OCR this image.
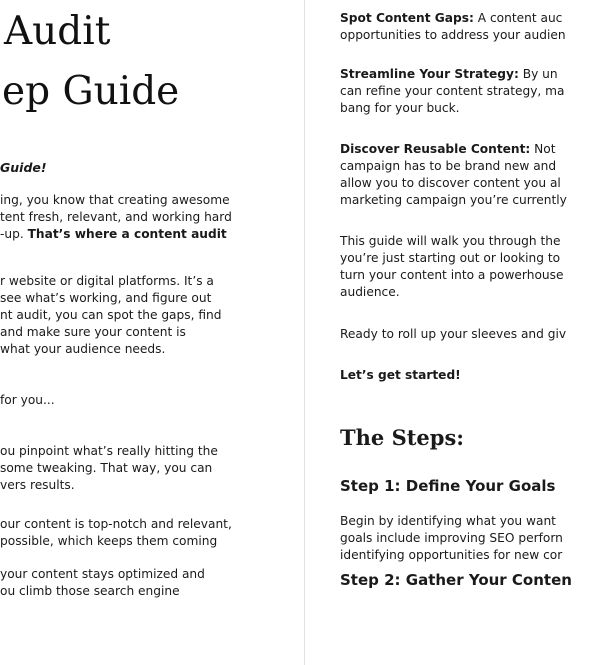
Audit
ep Guide
Guide!
ing, you know that creating awesome
tent fresh, relevant, and working hard
-up. That’s where a content audit
r website or digital platforms. It’s a
see what’s working, and figure out
nt audit, you can spot the gaps, find
and make sure your content is
what your audience needs.
for you...
ou pinpoint what’s really hitting the
some tweaking. That way, you can
vers results.
our content is top-notch and relevant,
possible, which keeps them coming
your content stays optimized and
ou climb those search engine
Spot Content Gaps: A content auc
opportunities to address your audien
Streamline Your Strategy: By un
can refine your content strategy, ma
bang for your buck.
Discover Reusable Content: Not
campaign has to be brand new and
allow you to discover content you al
marketing campaign you’re currently
This guide will walk you through the
you’re just starting out or looking to
turn your content into a powerhouse
audience.
Ready to roll up your sleeves and giv
Let’s get started!
The Steps:
Step 1: Define Your Goals
Begin by identifying what you want
goals include improving SEO perforn
identifying opportunities for new cor
Step 2: Gather Your Conten
